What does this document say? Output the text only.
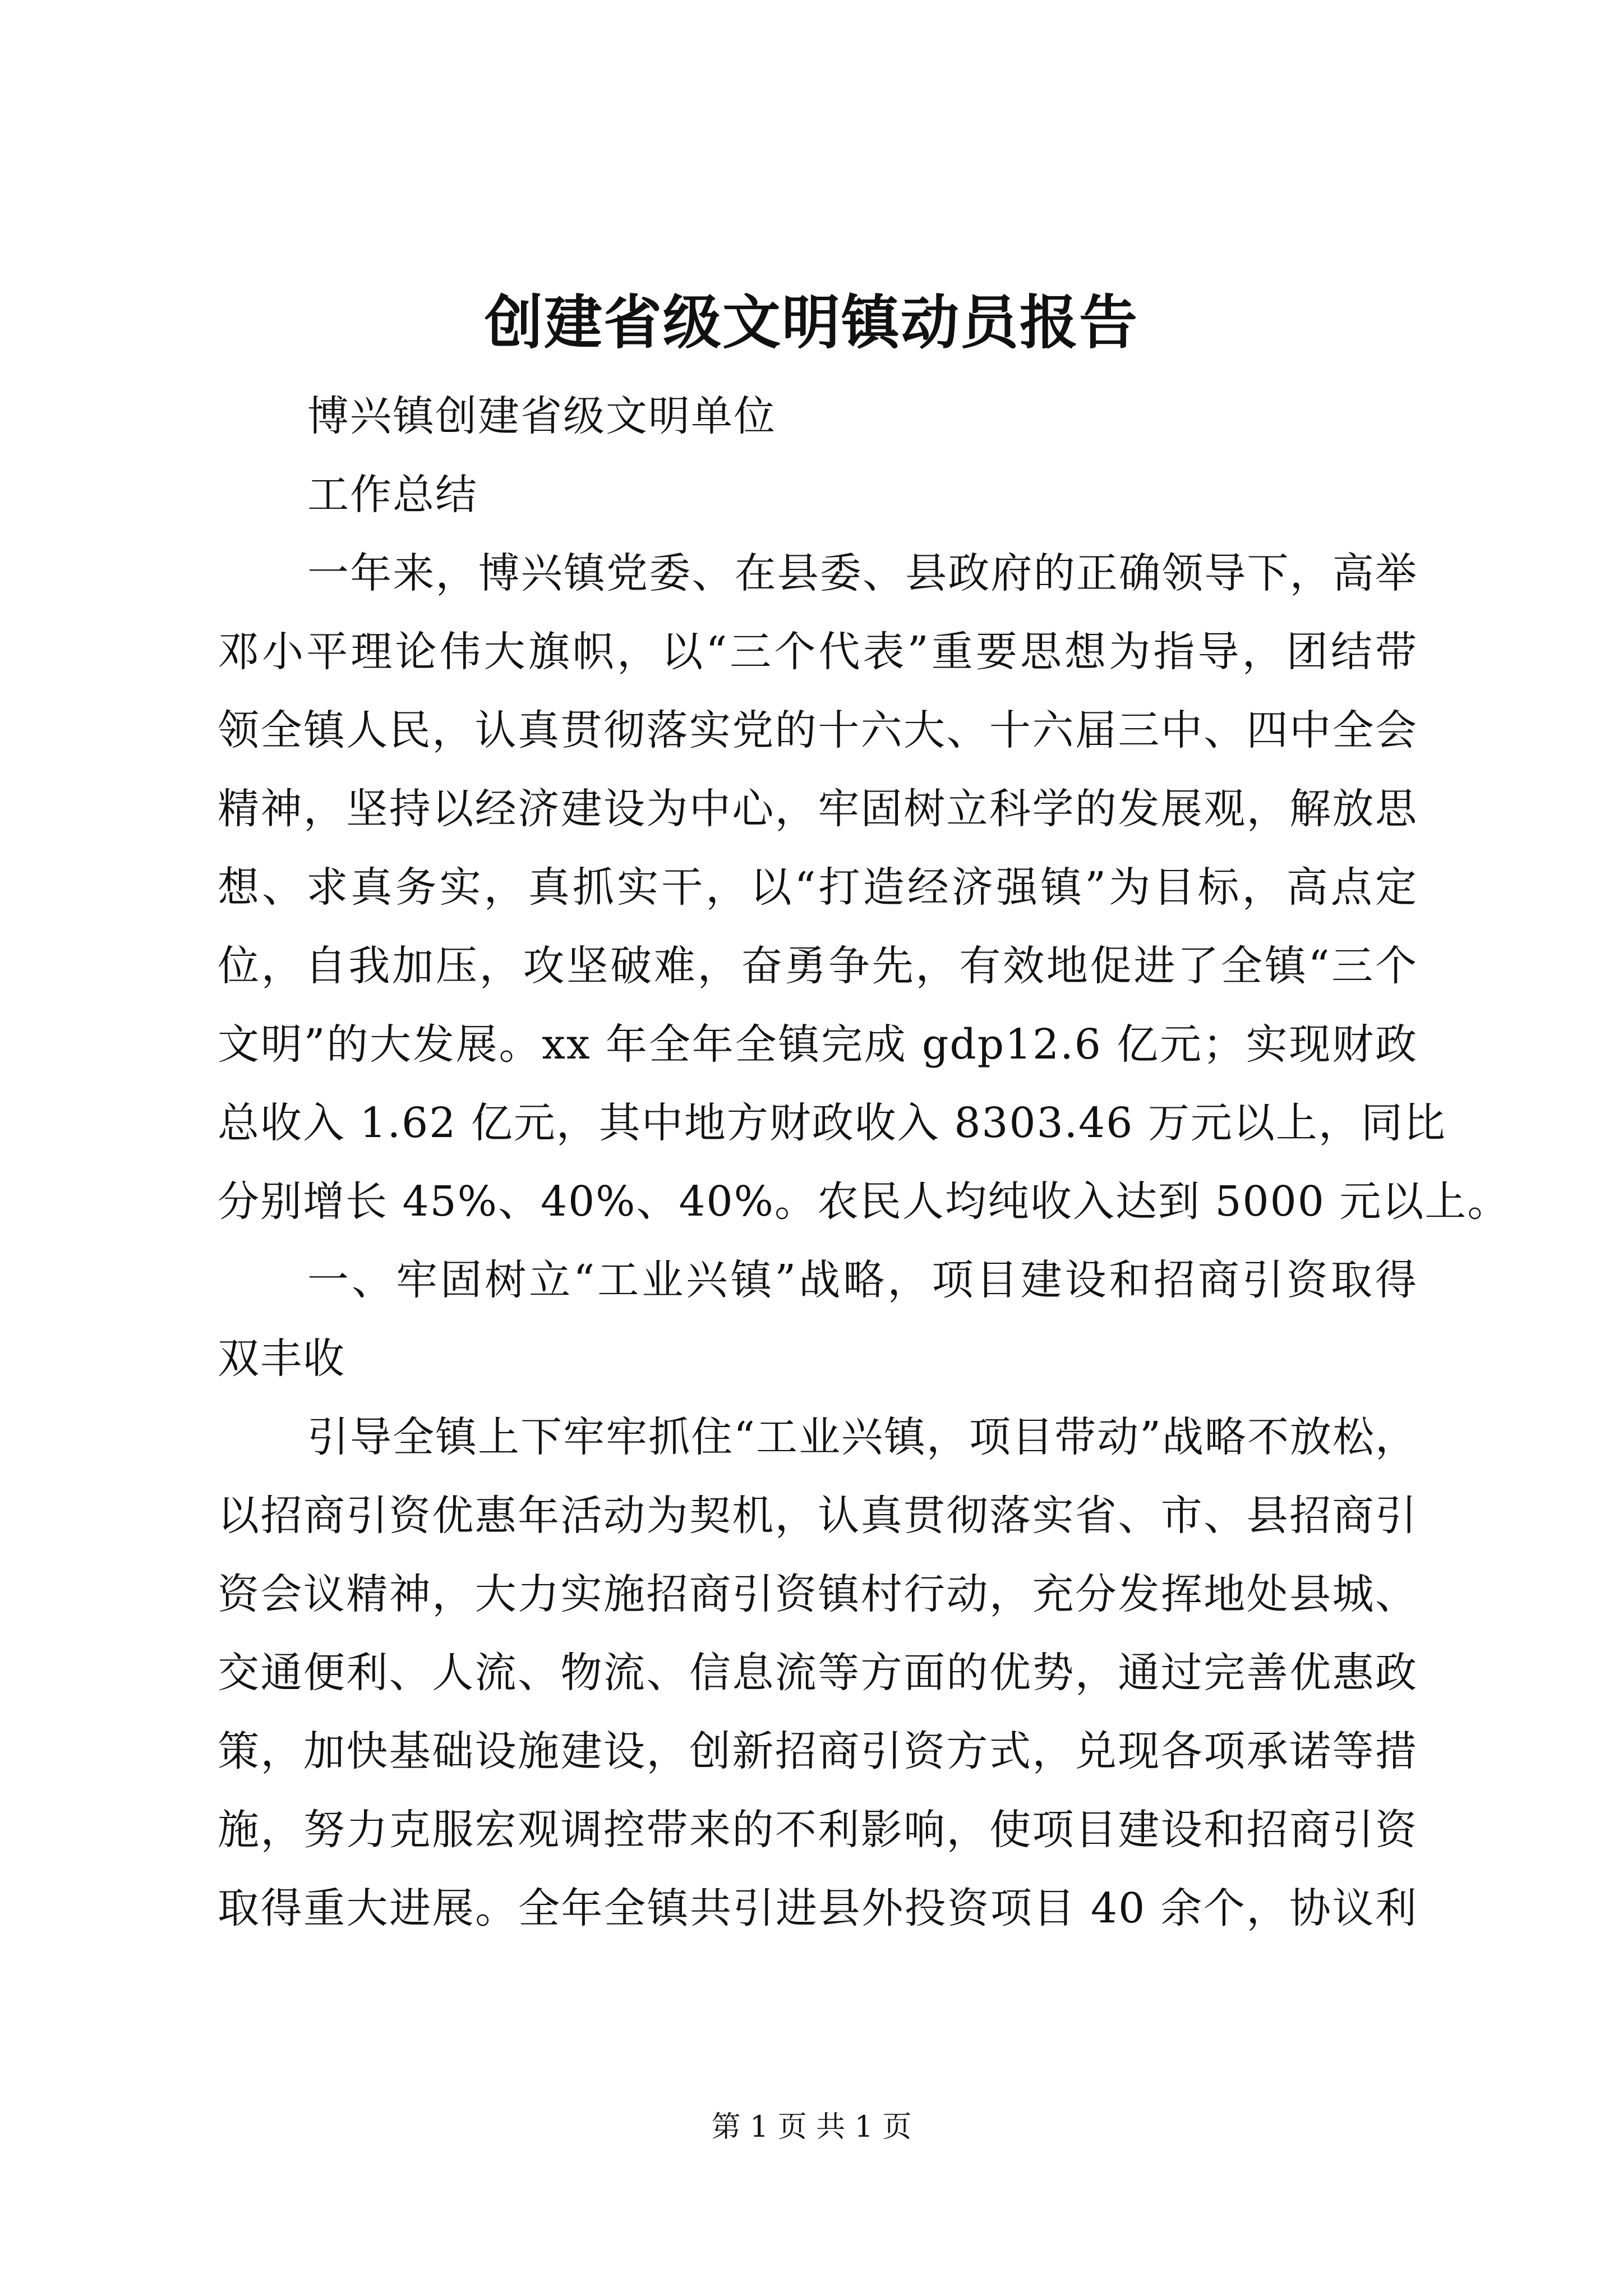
创建省级文明镇动员报告
博兴镇创建省级文明单位
工作总结
一年来，博兴镇党委、在县委、县政府的正确领导下，高举
邓小平理论伟大旗帜，以“三个代表”重要思想为指导，团结带
领全镇人民，认真贯彻落实党的十六大、十六届三中、四中全会
精神，坚持以经济建设为中心，牢固树立科学的发展观，解放思
想、求真务实，真抓实干，以“打造经济强镇”为目标，高点定
位，自我加压，攻坚破难，奋勇争先，有效地促进了全镇“三个
文明”的大发展。xx 年全年全镇完成 gdp12.6 亿元；实现财政
总收入 1.62 亿元，其中地方财政收入 8303.46 万元以上，同比
分别增长 45%、40%、40%。农民人均纯收入达到 5000 元以上。
一、牢固树立“工业兴镇”战略，项目建设和招商引资取得
双丰收
引导全镇上下牢牢抓住“工业兴镇，项目带动”战略不放松，
以招商引资优惠年活动为契机，认真贯彻落实省、市、县招商引
资会议精神，大力实施招商引资镇村行动，充分发挥地处县城、
交通便利、人流、物流、信息流等方面的优势，通过完善优惠政
策，加快基础设施建设，创新招商引资方式，兑现各项承诺等措
施，努力克服宏观调控带来的不利影响，使项目建设和招商引资
取得重大进展。全年全镇共引进县外投资项目 40 余个，协议利
第 1 页 共 1 页
